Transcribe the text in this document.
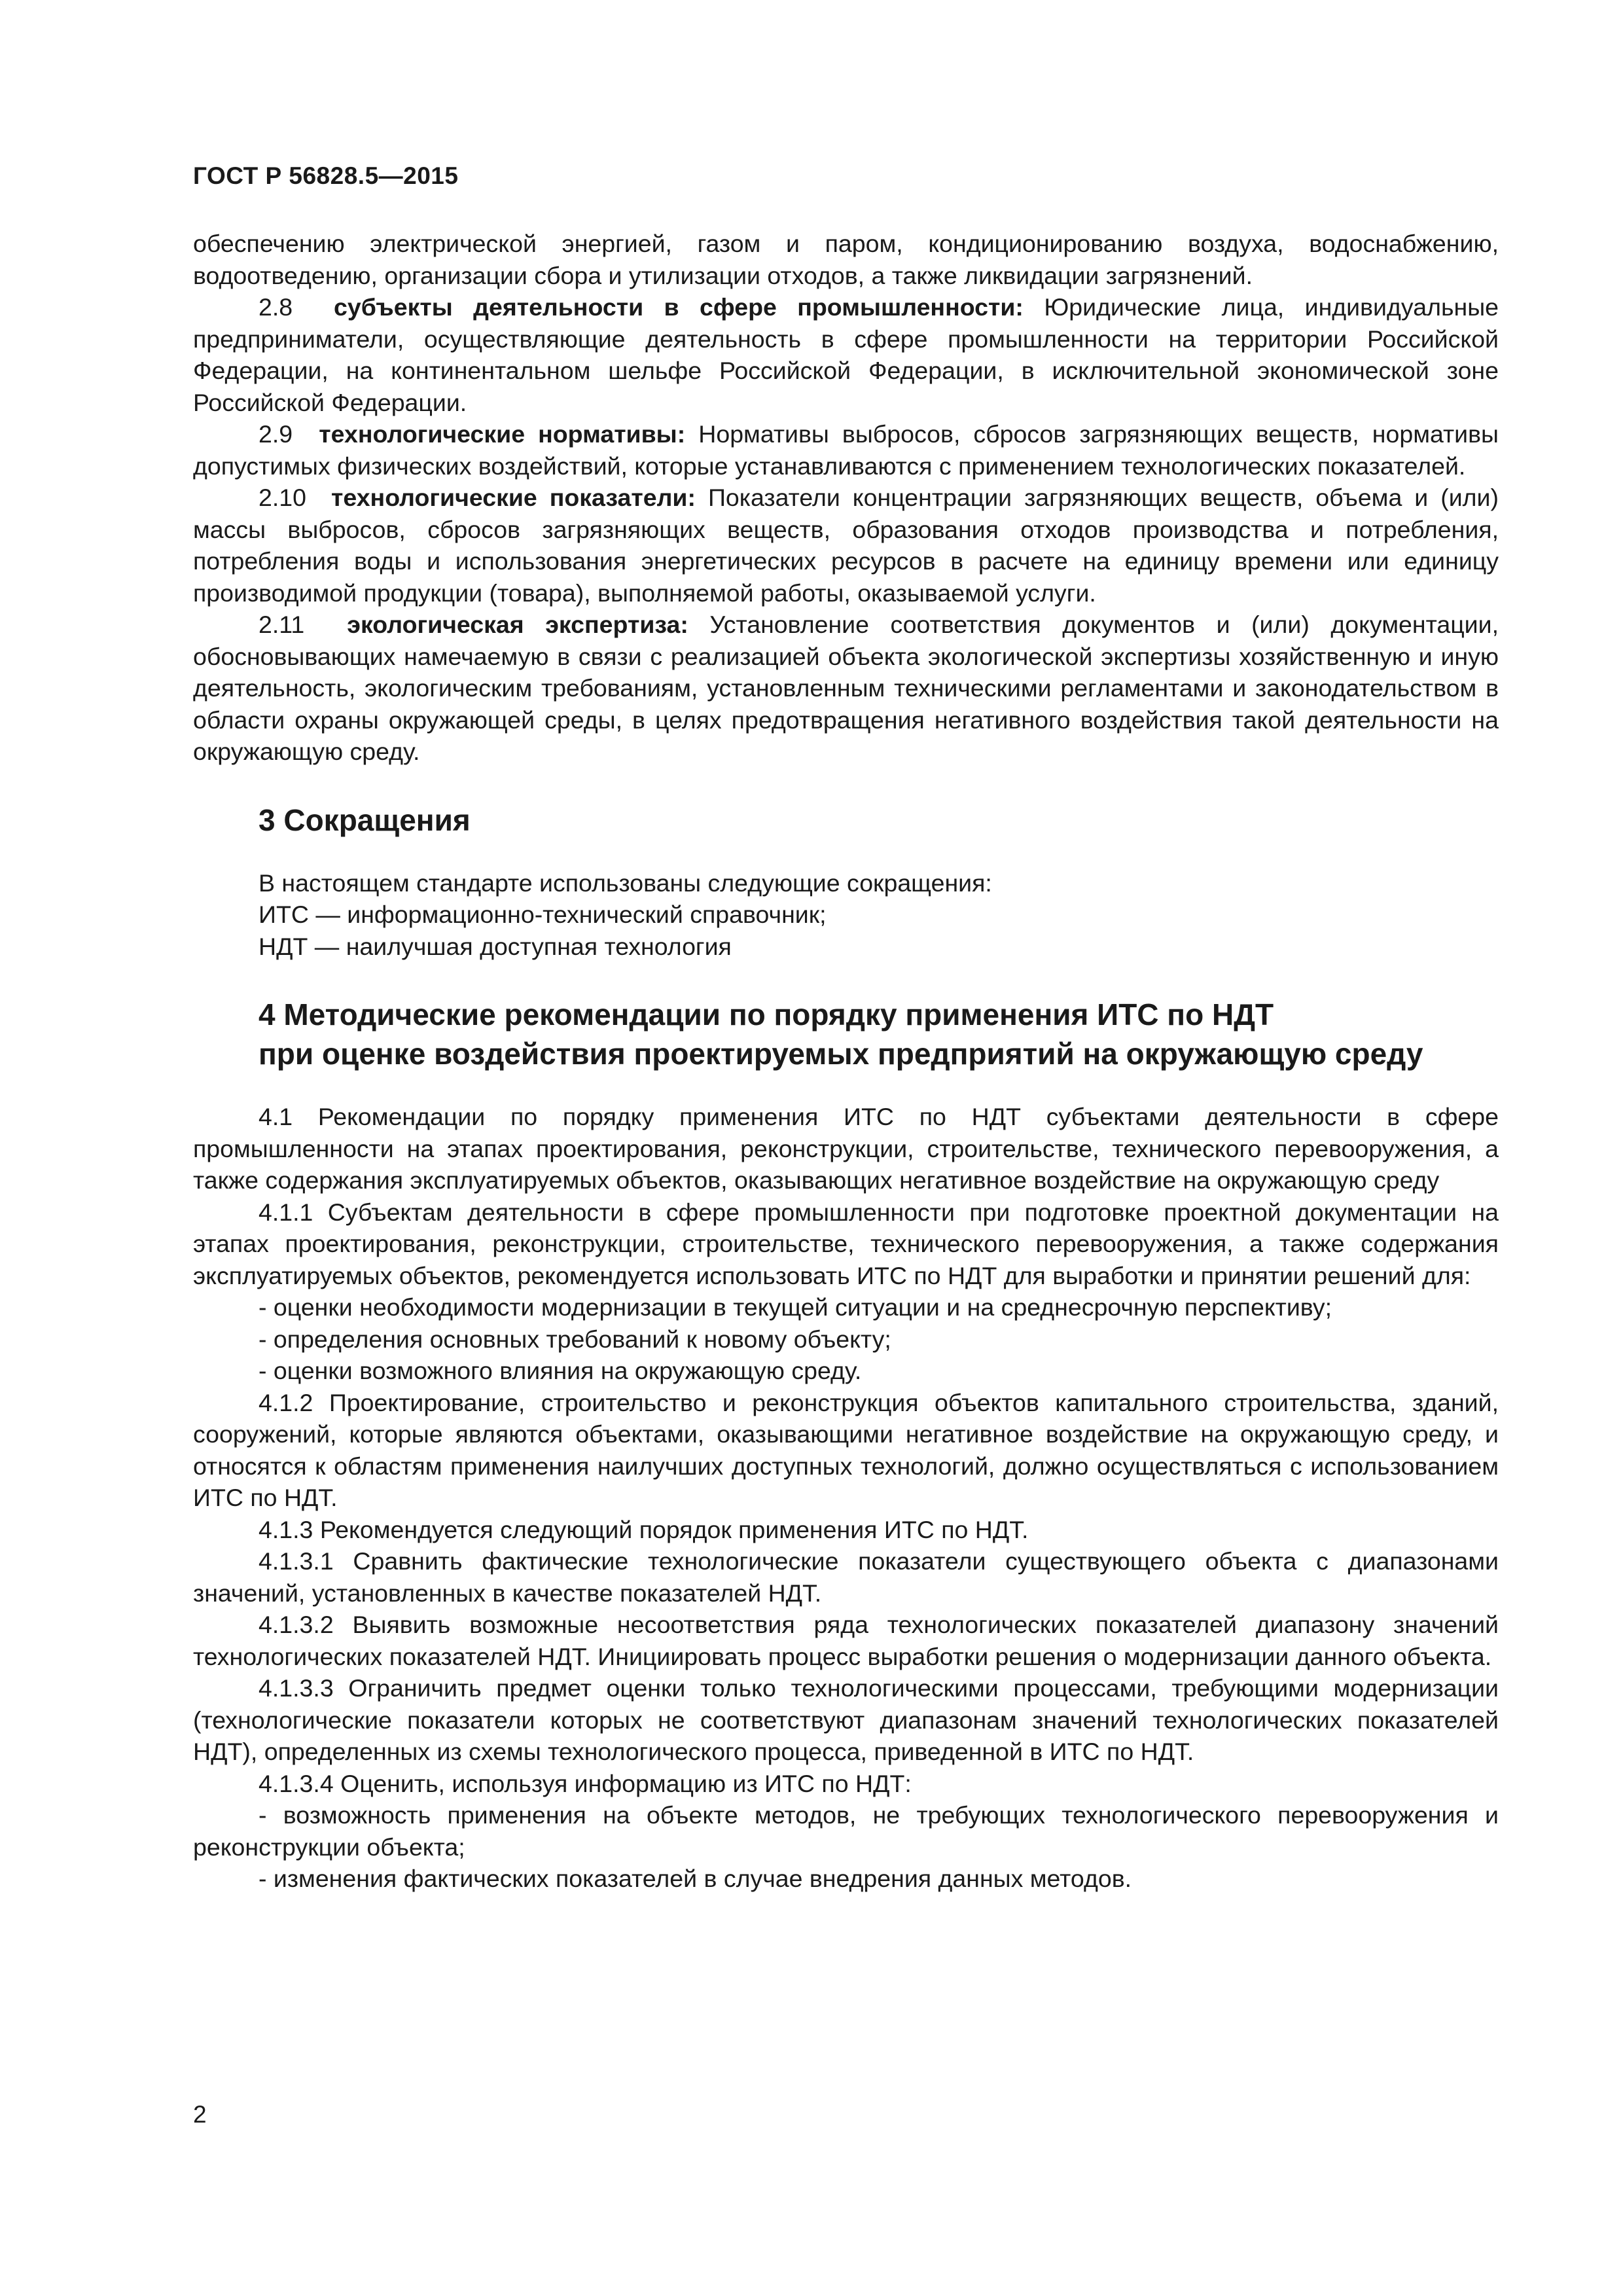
ГОСТ Р 56828.5—2015

обеспечению электрической энергией, газом и паром, кондиционированию воздуха, водоснабжению, водоотведению, организации сбора и утилизации отходов, а также ликвидации загрязнений.

2.8 субъекты деятельности в сфере промышленности: Юридические лица, индивидуальные предприниматели, осуществляющие деятельность в сфере промышленности на территории Российской Федерации, на континентальном шельфе Российской Федерации, в исключительной экономической зоне Российской Федерации.

2.9 технологические нормативы: Нормативы выбросов, сбросов загрязняющих веществ, нормативы допустимых физических воздействий, которые устанавливаются с применением технологических показателей.

2.10 технологические показатели: Показатели концентрации загрязняющих веществ, объема и (или) массы выбросов, сбросов загрязняющих веществ, образования отходов производства и потребления, потребления воды и использования энергетических ресурсов в расчете на единицу времени или единицу производимой продукции (товара), выполняемой работы, оказываемой услуги.

2.11 экологическая экспертиза: Установление соответствия документов и (или) документации, обосновывающих намечаемую в связи с реализацией объекта экологической экспертизы хозяйственную и иную деятельность, экологическим требованиям, установленным техническими регламентами и законодательством в области охраны окружающей среды, в целях предотвращения негативного воздействия такой деятельности на окружающую среду.

3 Сокращения

В настоящем стандарте использованы следующие сокращения:

ИТС — информационно-технический справочник;

НДТ — наилучшая доступная технология

4 Методические рекомендации по порядку применения ИТС по НДТ
при оценке воздействия проектируемых предприятий на окружающую среду

4.1 Рекомендации по порядку применения ИТС по НДТ субъектами деятельности в сфере промышленности на этапах проектирования, реконструкции, строительстве, технического перевооружения, а также содержания эксплуатируемых объектов, оказывающих негативное воздействие на окружающую среду

4.1.1 Субъектам деятельности в сфере промышленности при подготовке проектной документации на этапах проектирования, реконструкции, строительстве, технического перевооружения, а также содержания эксплуатируемых объектов, рекомендуется использовать ИТС по НДТ для выработки и принятии решений для:

- оценки необходимости модернизации в текущей ситуации и на среднесрочную перспективу;

- определения основных требований к новому объекту;

- оценки возможного влияния на окружающую среду.

4.1.2 Проектирование, строительство и реконструкция объектов капитального строительства, зданий, сооружений, которые являются объектами, оказывающими негативное воздействие на окружающую среду, и относятся к областям применения наилучших доступных технологий, должно осуществляться с использованием ИТС по НДТ.

4.1.3 Рекомендуется следующий порядок применения ИТС по НДТ.

4.1.3.1 Сравнить фактические технологические показатели существующего объекта с диапазонами значений, установленных в качестве показателей НДТ.

4.1.3.2 Выявить возможные несоответствия ряда технологических показателей диапазону значений технологических показателей НДТ. Инициировать процесс выработки решения о модернизации данного объекта.

4.1.3.3 Ограничить предмет оценки только технологическими процессами, требующими модернизации (технологические показатели которых не соответствуют диапазонам значений технологических показателей НДТ), определенных из схемы технологического процесса, приведенной в ИТС по НДТ.

4.1.3.4 Оценить, используя информацию из ИТС по НДТ:

- возможность применения на объекте методов, не требующих технологического перевооружения и реконструкции объекта;

- изменения фактических показателей в случае внедрения данных методов.

2
